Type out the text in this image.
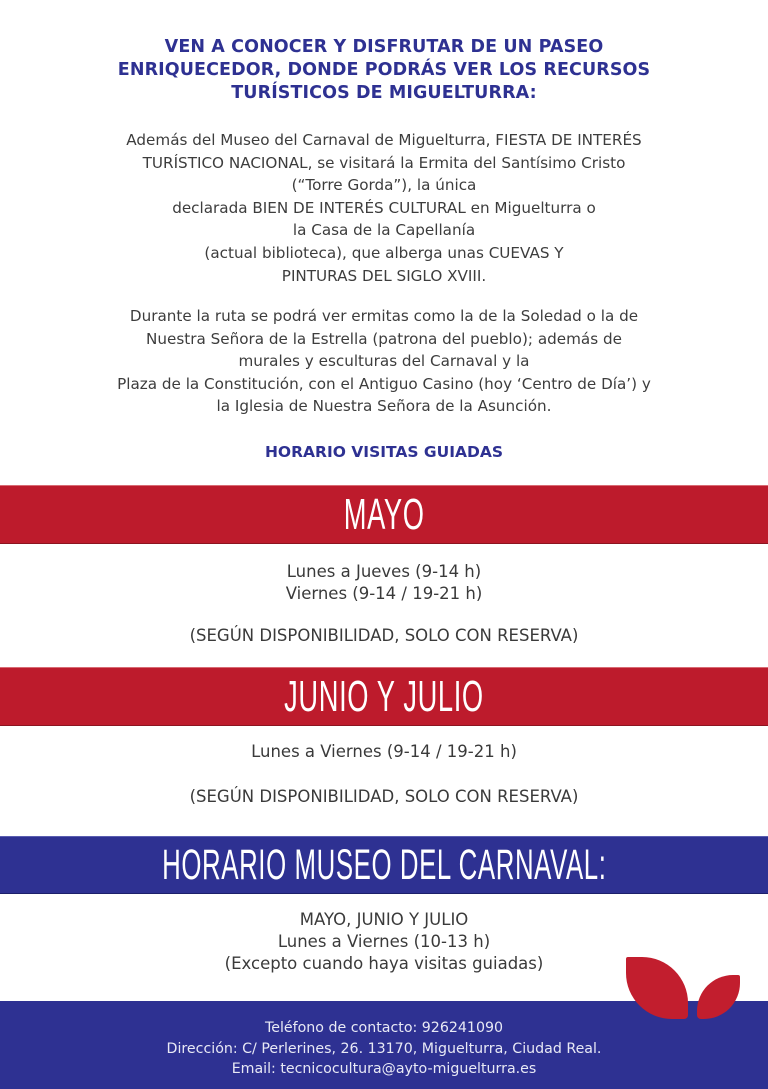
VEN A CONOCER Y DISFRUTAR DE UN PASEO
ENRIQUECEDOR, DONDE PODRÁS VER LOS RECURSOS
TURÍSTICOS DE MIGUELTURRA:
Además del Museo del Carnaval de Miguelturra, FIESTA DE INTERÉS
TURÍSTICO NACIONAL, se visitará la Ermita del Santísimo Cristo
(“Torre Gorda”), la única
declarada BIEN DE INTERÉS CULTURAL en Miguelturra o
la Casa de la Capellanía
(actual biblioteca), que alberga unas CUEVAS Y
PINTURAS DEL SIGLO XVIII.
Durante la ruta se podrá ver ermitas como la de la Soledad o la de
Nuestra Señora de la Estrella (patrona del pueblo); además de
murales y esculturas del Carnaval y la
Plaza de la Constitución, con el Antiguo Casino (hoy ‘Centro de Día’) y
la Iglesia de Nuestra Señora de la Asunción.
HORARIO VISITAS GUIADAS
MAYO
Lunes a Jueves (9-14 h)
Viernes (9-14 / 19-21 h)
(SEGÚN DISPONIBILIDAD, SOLO CON RESERVA)
JUNIO Y JULIO
Lunes a Viernes (9-14 / 19-21 h)
(SEGÚN DISPONIBILIDAD, SOLO CON RESERVA)
HORARIO MUSEO DEL CARNAVAL:
MAYO, JUNIO Y JULIO
Lunes a Viernes (10-13 h)
(Excepto cuando haya visitas guiadas)
Teléfono de contacto: 926241090
Dirección: C/ Perlerines, 26. 13170, Miguelturra, Ciudad Real.
Email: tecnicocultura@ayto-miguelturra.es
